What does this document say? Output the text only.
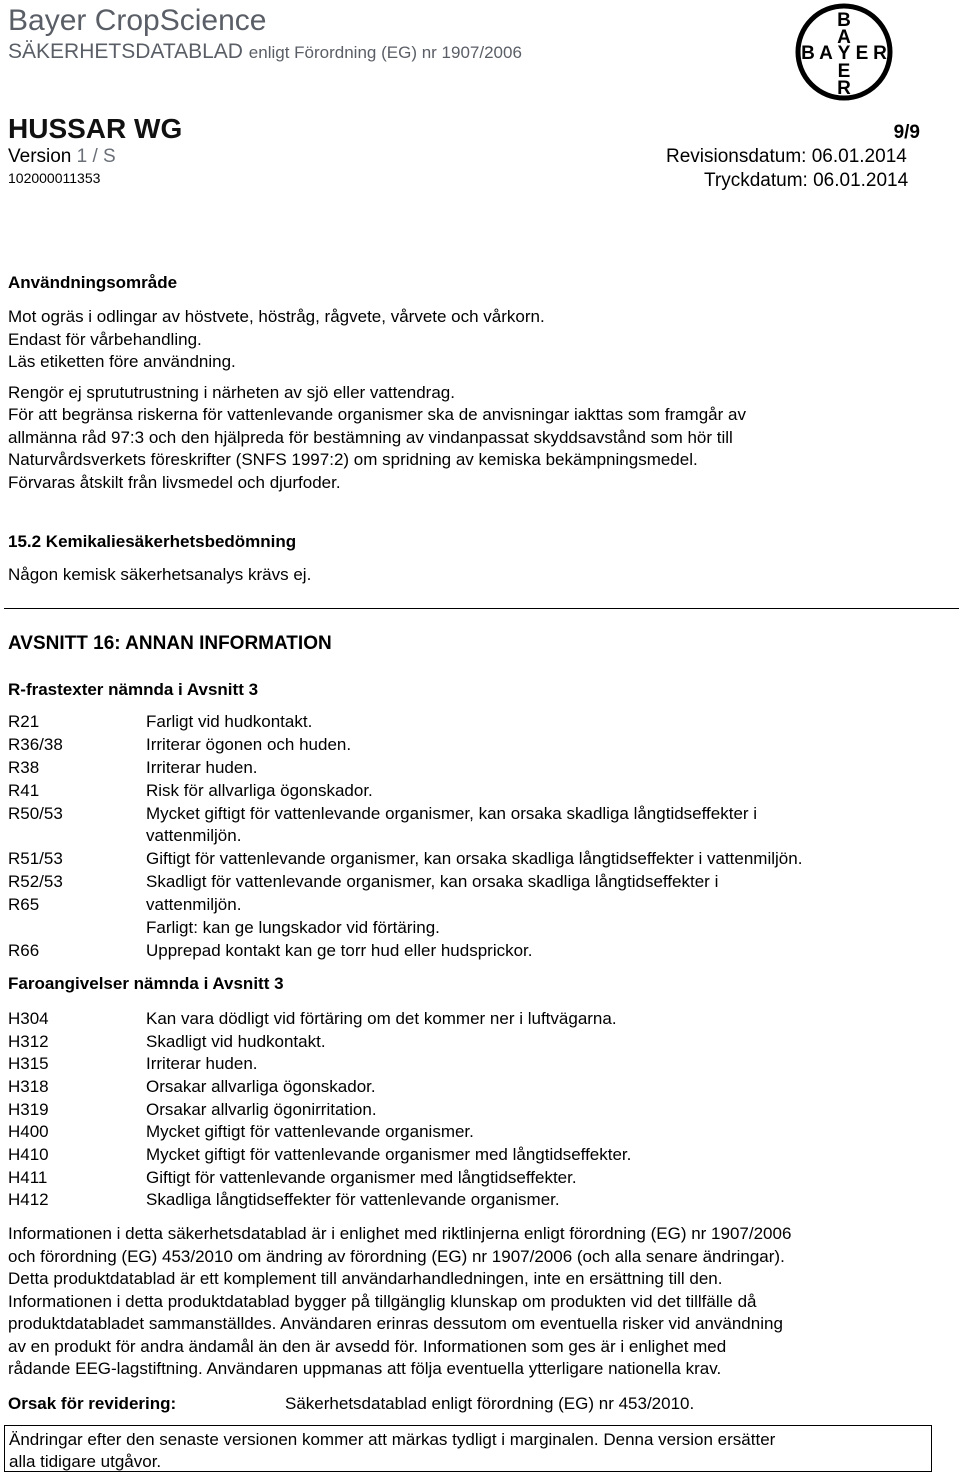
Bayer CropScience
SÄKERHETSDATABLAD enligt Förordning (EG) nr 1907/2006
B
A
B A Y E R
E
R
HUSSAR WG	9/9
Version 1 / S
102000011353
Revisionsdatum: 06.01.2014
Tryckdatum: 06.01.2014
Användningsområde
Mot ogräs i odlingar av höstvete, höstråg, rågvete, vårvete och vårkorn.
Endast för vårbehandling.
Läs etiketten före användning.
Rengör ej sprututrustning i närheten av sjö eller vattendrag.
För att begränsa riskerna för vattenlevande organismer ska de anvisningar iakttas som framgår av
allmänna råd 97:3 och den hjälpreda för bestämning av vindanpassat skyddsavstånd som hör till
Naturvårdsverkets föreskrifter (SNFS 1997:2) om spridning av kemiska bekämpningsmedel.
Förvaras åtskilt från livsmedel och djurfoder.
15.2 Kemikaliesäkerhetsbedömning
Någon kemisk säkerhetsanalys krävs ej.
AVSNITT 16: ANNAN INFORMATION
R-frastexter nämnda i Avsnitt 3
R21
R36/38
R38
R41
R50/53
R51/53
R52/53
R65
R66
Farligt vid hudkontakt.
Irriterar ögonen och huden.
Irriterar huden.
Risk för allvarliga ögonskador.
Mycket giftigt för vattenlevande organismer, kan orsaka skadliga långtidseffekter i
vattenmiljön.
Giftigt för vattenlevande organismer, kan orsaka skadliga långtidseffekter i vattenmiljön.
Skadligt för vattenlevande organismer, kan orsaka skadliga långtidseffekter i
vattenmiljön.
Farligt: kan ge lungskador vid förtäring.
Upprepad kontakt kan ge torr hud eller hudsprickor.
Faroangivelser nämnda i Avsnitt 3
H304
H312
H315
H318
H319
H400
H410
H411
H412
Kan vara dödligt vid förtäring om det kommer ner i luftvägarna.
Skadligt vid hudkontakt.
Irriterar huden.
Orsakar allvarliga ögonskador.
Orsakar allvarlig ögonirritation.
Mycket giftigt för vattenlevande organismer.
Mycket giftigt för vattenlevande organismer med långtidseffekter.
Giftigt för vattenlevande organismer med långtidseffekter.
Skadliga långtidseffekter för vattenlevande organismer.
Informationen i detta säkerhetsdatablad är i enlighet med riktlinjerna enligt förordning (EG) nr 1907/2006
och förordning (EG) 453/2010 om ändring av förordning (EG) nr 1907/2006 (och alla senare ändringar).
Detta produktdatablad är ett komplement till användarhandledningen, inte en ersättning till den.
Informationen i detta produktdatablad bygger på tillgänglig klunskap om produkten vid det tillfälle då
produktdatabladet sammanställdes. Användaren erinras dessutom om eventuella risker vid användning
av en produkt för andra ändamål än den är avsedd för. Informationen som ges är i enlighet med
rådande EEG-lagstiftning. Användaren uppmanas att följa eventuella ytterligare nationella krav.
Orsak för revidering:	Säkerhetsdatablad enligt förordning (EG) nr 453/2010.
Ändringar efter den senaste versionen kommer att märkas tydligt i marginalen. Denna version ersätter
alla tidigare utgåvor.
